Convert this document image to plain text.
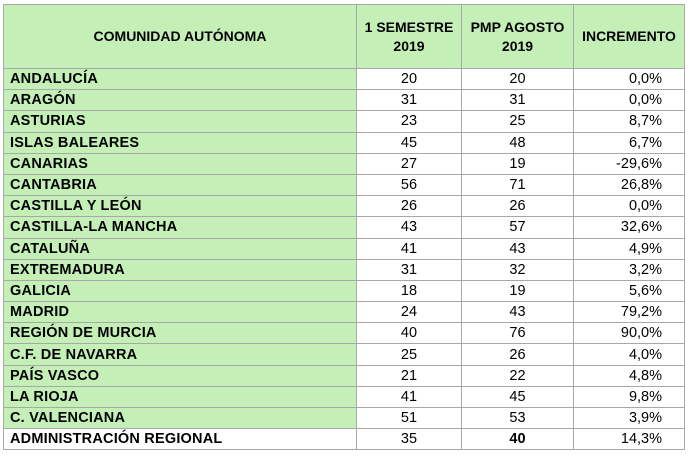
COMUNIDAD AUTÓNOMA	1 SEMESTRE 2019	PMP AGOSTO 2019	INCREMENTO
ANDALUCÍA	20	20	0,0%
ARAGÓN	31	31	0,0%
ASTURIAS	23	25	8,7%
ISLAS BALEARES	45	48	6,7%
CANARIAS	27	19	-29,6%
CANTABRIA	56	71	26,8%
CASTILLA Y LEÓN	26	26	0,0%
CASTILLA-LA MANCHA	43	57	32,6%
CATALUÑA	41	43	4,9%
EXTREMADURA	31	32	3,2%
GALICIA	18	19	5,6%
MADRID	24	43	79,2%
REGIÓN DE MURCIA	40	76	90,0%
C.F. DE NAVARRA	25	26	4,0%
PAÍS VASCO	21	22	4,8%
LA RIOJA	41	45	9,8%
C. VALENCIANA	51	53	3,9%
ADMINISTRACIÓN REGIONAL	35	40	14,3%
